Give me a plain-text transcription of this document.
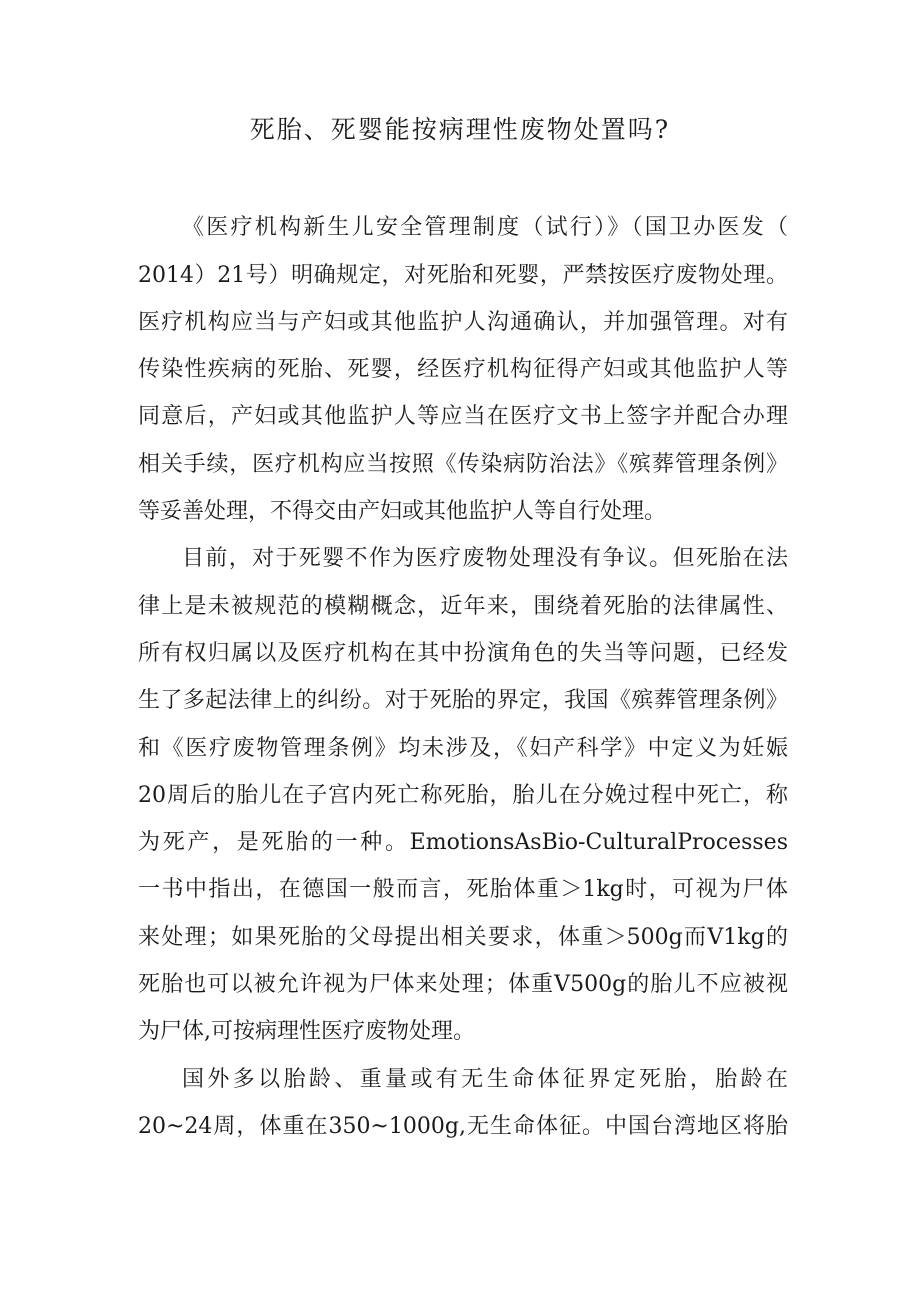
死胎、死婴能按病理性废物处置吗?

《医疗机构新生儿安全管理制度（试行）》（国卫办医发（

2014）21号）明确规定，对死胎和死婴，严禁按医疗废物处理。

医疗机构应当与产妇或其他监护人沟通确认，并加强管理。对有

传染性疾病的死胎、死婴，经医疗机构征得产妇或其他监护人等

同意后，产妇或其他监护人等应当在医疗文书上签字并配合办理

相关手续，医疗机构应当按照《传染病防治法》《殡葬管理条例》

等妥善处理，不得交由产妇或其他监护人等自行处理。

目前，对于死婴不作为医疗废物处理没有争议。但死胎在法

律上是未被规范的模糊概念，近年来，围绕着死胎的法律属性、

所有权归属以及医疗机构在其中扮演角色的失当等问题，已经发

生了多起法律上的纠纷。对于死胎的界定，我国《殡葬管理条例》

和《医疗废物管理条例》均未涉及，《妇产科学》中定义为妊娠

20周后的胎儿在子宫内死亡称死胎，胎儿在分娩过程中死亡，称

为死产，是死胎的一种。EmotionsAsBio-CulturalProcesses

一书中指出，在德国一般而言，死胎体重＞1kg时，可视为尸体

来处理；如果死胎的父母提出相关要求，体重＞500g而V1kg的

死胎也可以被允许视为尸体来处理；体重V500g的胎儿不应被视

为尸体,可按病理性医疗废物处理。

国外多以胎龄、重量或有无生命体征界定死胎，胎龄在

20~24周，体重在350~1000g,无生命体征。中国台湾地区将胎
